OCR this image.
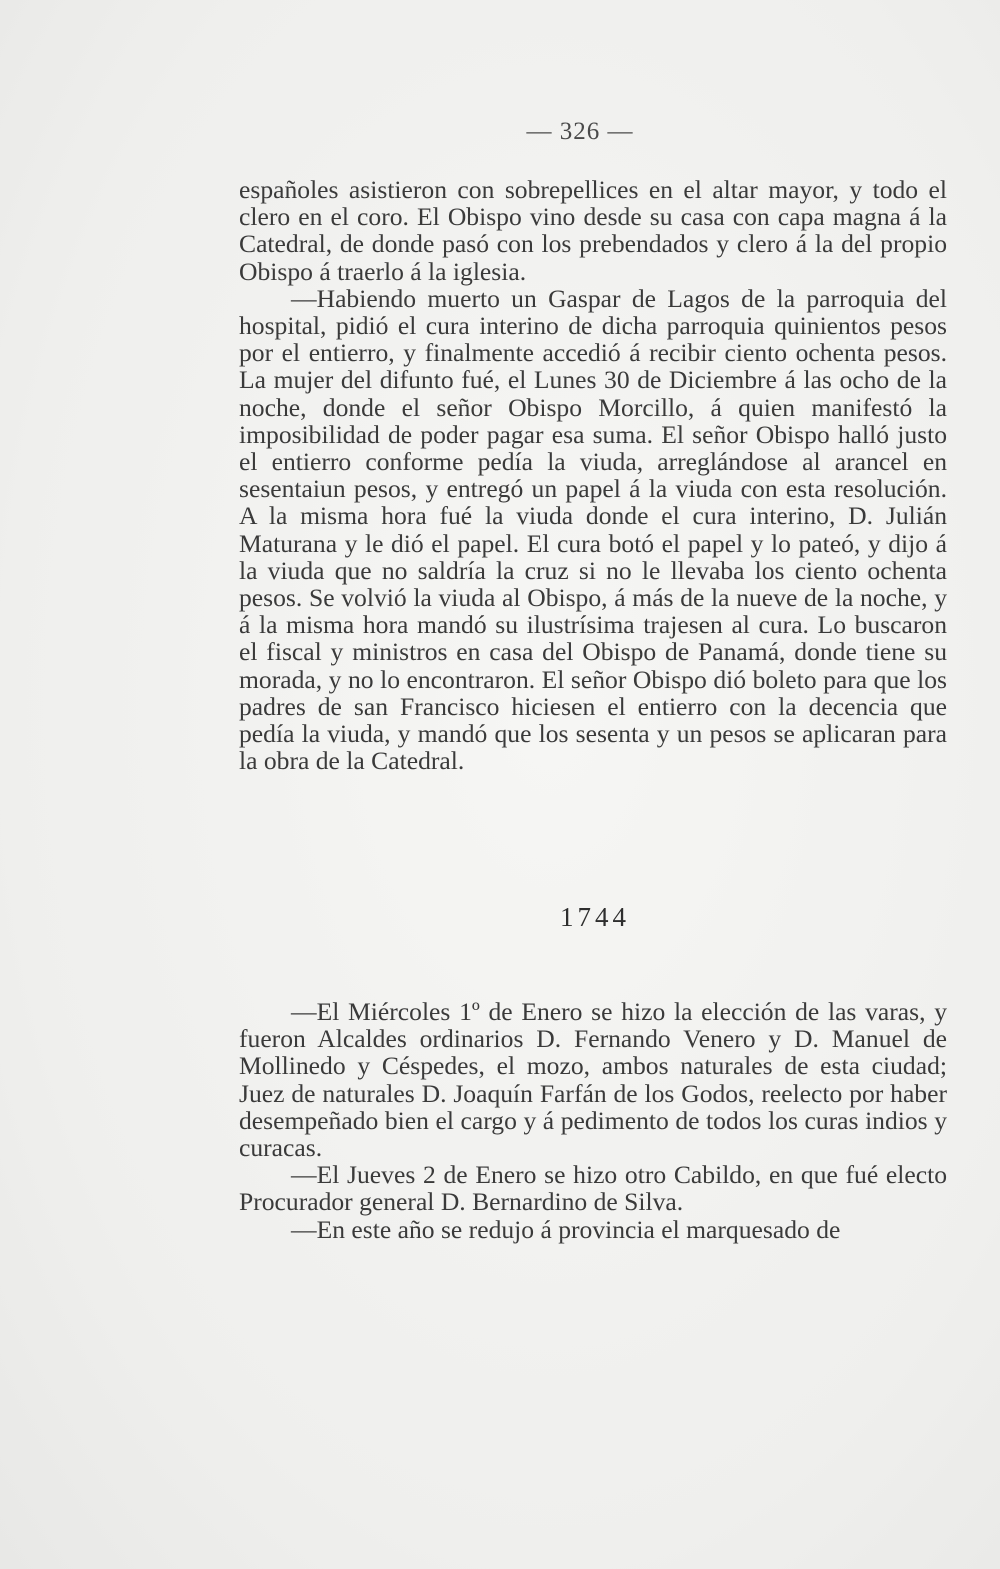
— 326 —

españoles asistieron con sobrepellices en el altar mayor, y todo el clero en el coro. El Obispo vino desde su casa con capa magna á la Catedral, de donde pasó con los prebendados y clero á la del propio Obispo á traerlo á la iglesia.

—Habiendo muerto un Gaspar de Lagos de la parroquia del hospital, pidió el cura interino de dicha parroquia quinientos pesos por el entierro, y finalmente accedió á recibir ciento ochenta pesos. La mujer del difunto fué, el Lunes 30 de Diciembre á las ocho de la noche, donde el señor Obispo Morcillo, á quien manifestó la imposibilidad de poder pagar esa suma. El señor Obispo halló justo el entierro conforme pedía la viuda, arreglándose al arancel en sesentaiun pesos, y entregó un papel á la viuda con esta resolución. A la misma hora fué la viuda donde el cura interino, D. Julián Maturana y le dió el papel. El cura botó el papel y lo pateó, y dijo á la viuda que no saldría la cruz si no le llevaba los ciento ochenta pesos. Se volvió la viuda al Obispo, á más de la nueve de la noche, y á la misma hora mandó su ilustrísima trajesen al cura. Lo buscaron el fiscal y ministros en casa del Obispo de Panamá, donde tiene su morada, y no lo encontraron. El señor Obispo dió boleto para que los padres de san Francisco hiciesen el entierro con la decencia que pedía la viuda, y mandó que los sesenta y un pesos se aplicaran para la obra de la Catedral.

1744

—El Miércoles 1º de Enero se hizo la elección de las varas, y fueron Alcaldes ordinarios D. Fernando Venero y D. Manuel de Mollinedo y Céspedes, el mozo, ambos naturales de esta ciudad; Juez de naturales D. Joaquín Farfán de los Godos, reelecto por haber desempeñado bien el cargo y á pedimento de todos los curas indios y curacas.

—El Jueves 2 de Enero se hizo otro Cabildo, en que fué electo Procurador general D. Bernardino de Silva.

—En este año se redujo á provincia el marquesado de
